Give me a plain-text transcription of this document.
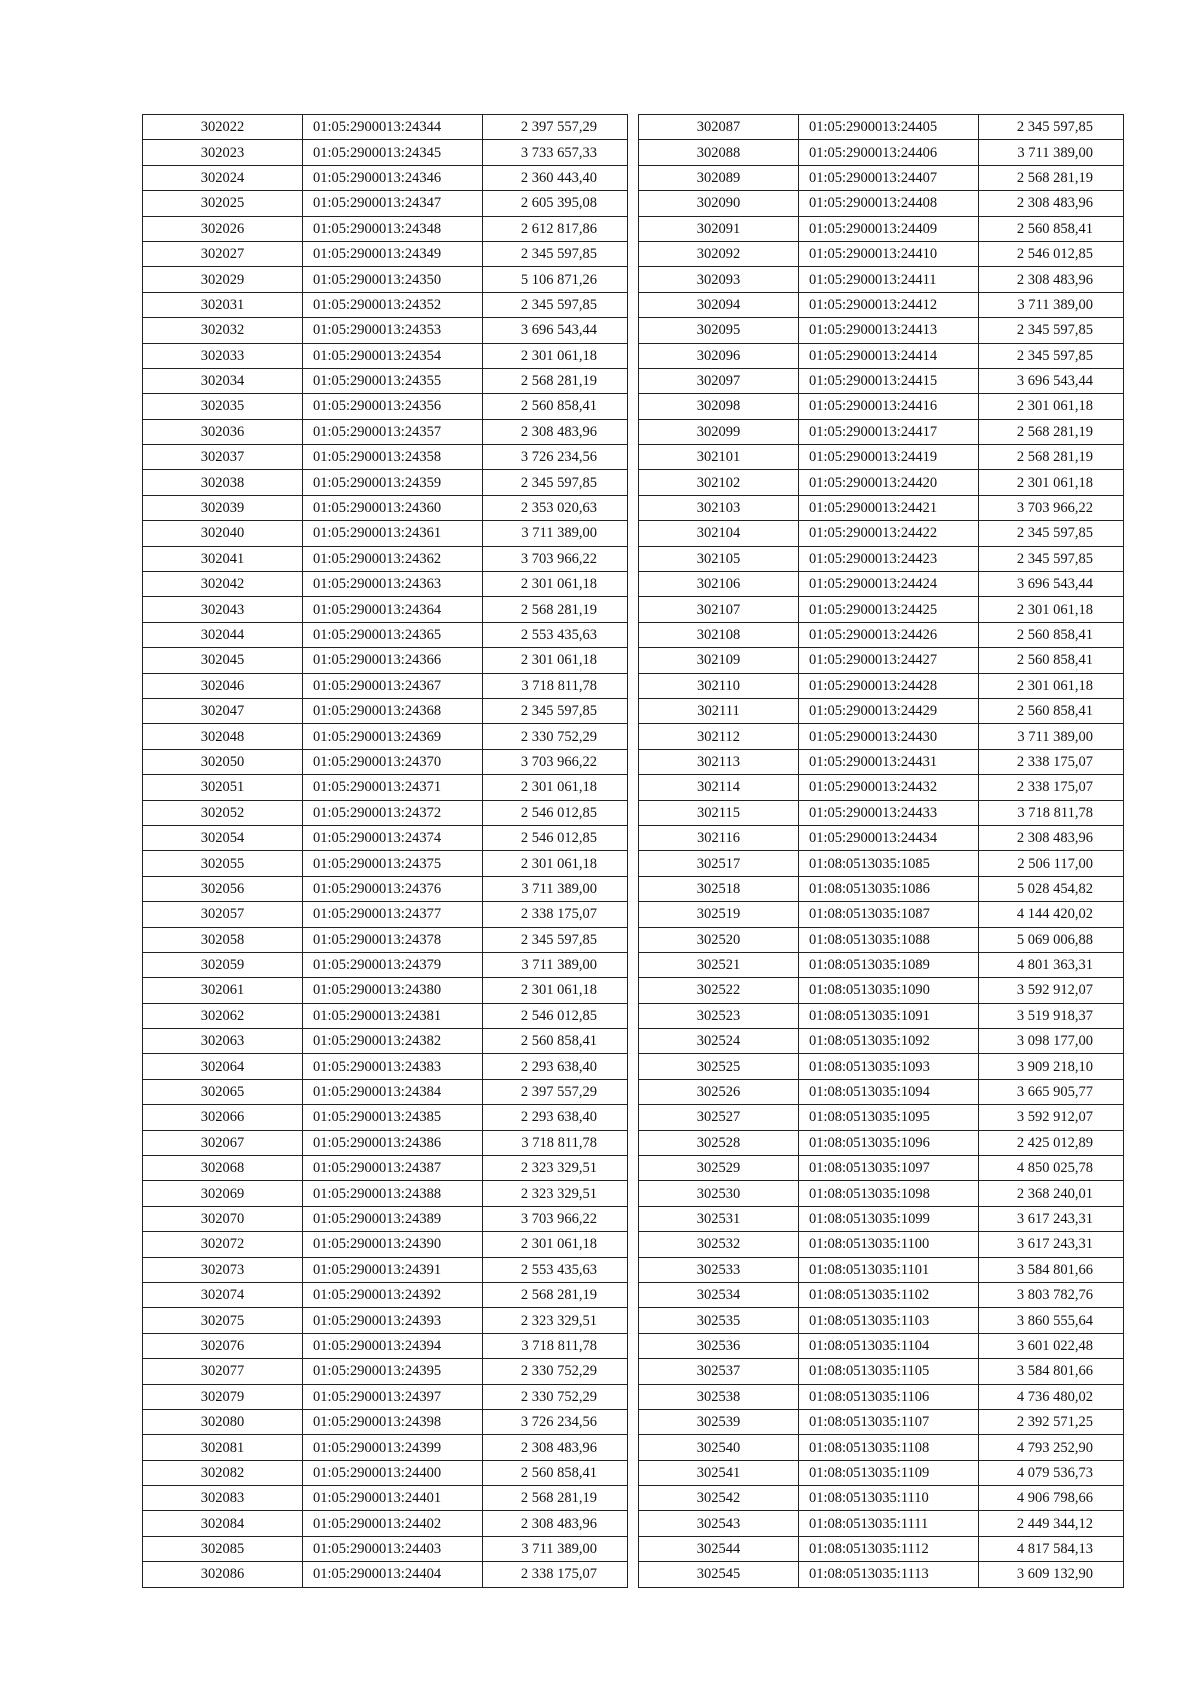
302022	01:05:2900013:24344	2 397 557,29
302023	01:05:2900013:24345	3 733 657,33
302024	01:05:2900013:24346	2 360 443,40
302025	01:05:2900013:24347	2 605 395,08
302026	01:05:2900013:24348	2 612 817,86
302027	01:05:2900013:24349	2 345 597,85
302029	01:05:2900013:24350	5 106 871,26
302031	01:05:2900013:24352	2 345 597,85
302032	01:05:2900013:24353	3 696 543,44
302033	01:05:2900013:24354	2 301 061,18
302034	01:05:2900013:24355	2 568 281,19
302035	01:05:2900013:24356	2 560 858,41
302036	01:05:2900013:24357	2 308 483,96
302037	01:05:2900013:24358	3 726 234,56
302038	01:05:2900013:24359	2 345 597,85
302039	01:05:2900013:24360	2 353 020,63
302040	01:05:2900013:24361	3 711 389,00
302041	01:05:2900013:24362	3 703 966,22
302042	01:05:2900013:24363	2 301 061,18
302043	01:05:2900013:24364	2 568 281,19
302044	01:05:2900013:24365	2 553 435,63
302045	01:05:2900013:24366	2 301 061,18
302046	01:05:2900013:24367	3 718 811,78
302047	01:05:2900013:24368	2 345 597,85
302048	01:05:2900013:24369	2 330 752,29
302050	01:05:2900013:24370	3 703 966,22
302051	01:05:2900013:24371	2 301 061,18
302052	01:05:2900013:24372	2 546 012,85
302054	01:05:2900013:24374	2 546 012,85
302055	01:05:2900013:24375	2 301 061,18
302056	01:05:2900013:24376	3 711 389,00
302057	01:05:2900013:24377	2 338 175,07
302058	01:05:2900013:24378	2 345 597,85
302059	01:05:2900013:24379	3 711 389,00
302061	01:05:2900013:24380	2 301 061,18
302062	01:05:2900013:24381	2 546 012,85
302063	01:05:2900013:24382	2 560 858,41
302064	01:05:2900013:24383	2 293 638,40
302065	01:05:2900013:24384	2 397 557,29
302066	01:05:2900013:24385	2 293 638,40
302067	01:05:2900013:24386	3 718 811,78
302068	01:05:2900013:24387	2 323 329,51
302069	01:05:2900013:24388	2 323 329,51
302070	01:05:2900013:24389	3 703 966,22
302072	01:05:2900013:24390	2 301 061,18
302073	01:05:2900013:24391	2 553 435,63
302074	01:05:2900013:24392	2 568 281,19
302075	01:05:2900013:24393	2 323 329,51
302076	01:05:2900013:24394	3 718 811,78
302077	01:05:2900013:24395	2 330 752,29
302079	01:05:2900013:24397	2 330 752,29
302080	01:05:2900013:24398	3 726 234,56
302081	01:05:2900013:24399	2 308 483,96
302082	01:05:2900013:24400	2 560 858,41
302083	01:05:2900013:24401	2 568 281,19
302084	01:05:2900013:24402	2 308 483,96
302085	01:05:2900013:24403	3 711 389,00
302086	01:05:2900013:24404	2 338 175,07
302087	01:05:2900013:24405	2 345 597,85
302088	01:05:2900013:24406	3 711 389,00
302089	01:05:2900013:24407	2 568 281,19
302090	01:05:2900013:24408	2 308 483,96
302091	01:05:2900013:24409	2 560 858,41
302092	01:05:2900013:24410	2 546 012,85
302093	01:05:2900013:24411	2 308 483,96
302094	01:05:2900013:24412	3 711 389,00
302095	01:05:2900013:24413	2 345 597,85
302096	01:05:2900013:24414	2 345 597,85
302097	01:05:2900013:24415	3 696 543,44
302098	01:05:2900013:24416	2 301 061,18
302099	01:05:2900013:24417	2 568 281,19
302101	01:05:2900013:24419	2 568 281,19
302102	01:05:2900013:24420	2 301 061,18
302103	01:05:2900013:24421	3 703 966,22
302104	01:05:2900013:24422	2 345 597,85
302105	01:05:2900013:24423	2 345 597,85
302106	01:05:2900013:24424	3 696 543,44
302107	01:05:2900013:24425	2 301 061,18
302108	01:05:2900013:24426	2 560 858,41
302109	01:05:2900013:24427	2 560 858,41
302110	01:05:2900013:24428	2 301 061,18
302111	01:05:2900013:24429	2 560 858,41
302112	01:05:2900013:24430	3 711 389,00
302113	01:05:2900013:24431	2 338 175,07
302114	01:05:2900013:24432	2 338 175,07
302115	01:05:2900013:24433	3 718 811,78
302116	01:05:2900013:24434	2 308 483,96
302517	01:08:0513035:1085	2 506 117,00
302518	01:08:0513035:1086	5 028 454,82
302519	01:08:0513035:1087	4 144 420,02
302520	01:08:0513035:1088	5 069 006,88
302521	01:08:0513035:1089	4 801 363,31
302522	01:08:0513035:1090	3 592 912,07
302523	01:08:0513035:1091	3 519 918,37
302524	01:08:0513035:1092	3 098 177,00
302525	01:08:0513035:1093	3 909 218,10
302526	01:08:0513035:1094	3 665 905,77
302527	01:08:0513035:1095	3 592 912,07
302528	01:08:0513035:1096	2 425 012,89
302529	01:08:0513035:1097	4 850 025,78
302530	01:08:0513035:1098	2 368 240,01
302531	01:08:0513035:1099	3 617 243,31
302532	01:08:0513035:1100	3 617 243,31
302533	01:08:0513035:1101	3 584 801,66
302534	01:08:0513035:1102	3 803 782,76
302535	01:08:0513035:1103	3 860 555,64
302536	01:08:0513035:1104	3 601 022,48
302537	01:08:0513035:1105	3 584 801,66
302538	01:08:0513035:1106	4 736 480,02
302539	01:08:0513035:1107	2 392 571,25
302540	01:08:0513035:1108	4 793 252,90
302541	01:08:0513035:1109	4 079 536,73
302542	01:08:0513035:1110	4 906 798,66
302543	01:08:0513035:1111	2 449 344,12
302544	01:08:0513035:1112	4 817 584,13
302545	01:08:0513035:1113	3 609 132,90
